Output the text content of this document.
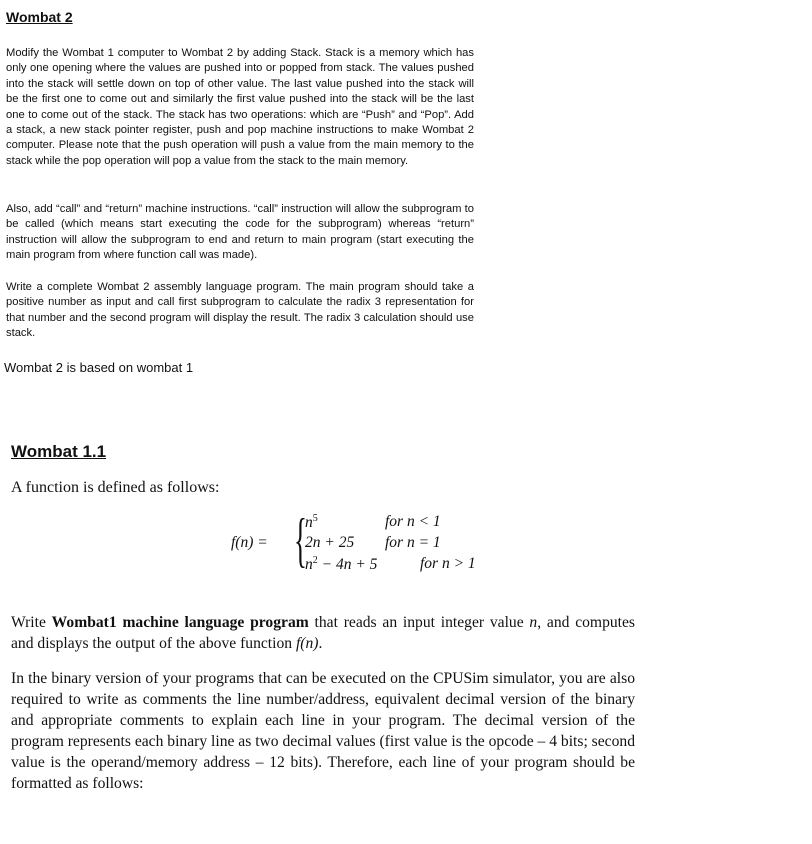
Wombat 2
Modify the Wombat 1 computer to Wombat 2 by adding Stack. Stack is a memory which has only one opening where the values are pushed into or popped from stack. The values pushed into the stack will settle down on top of other value. The last value pushed into the stack will be the first one to come out and similarly the first value pushed into the stack will be the last one to come out of the stack. The stack has two operations: which are “Push” and “Pop”. Add a stack, a new stack pointer register, push and pop machine instructions to make Wombat 2 computer. Please note that the push operation will push a value from the main memory to the stack while the pop operation will pop a value from the stack to the main memory.
Also, add “call” and “return” machine instructions. “call” instruction will allow the subprogram to be called (which means start executing the code for the subprogram) whereas “return” instruction will allow the subprogram to end and return to main program (start executing the main program from where function call was made).
Write a complete Wombat 2 assembly language program. The main program should take a positive number as input and call first subprogram to calculate the radix 3 representation for that number and the second program will display the result. The radix 3 calculation should use stack.
Wombat 2 is based on wombat 1
Wombat 1.1
A function is defined as follows:
f(n) = {
$n^5$	for n < 1
2n + 25 for n = 1
$n^2 - 4n + 5$	for n > 1
Write Wombat1 machine language program that reads an input integer value n, and computes and displays the output of the above function f(n).
In the binary version of your programs that can be executed on the CPUSim simulator, you are also required to write as comments the line number/address, equivalent decimal version of the binary and appropriate comments to explain each line in your program. The decimal version of the program represents each binary line as two decimal values (first value is the opcode – 4 bits; second value is the operand/memory address – 12 bits). Therefore, each line of your program should be formatted as follows:
